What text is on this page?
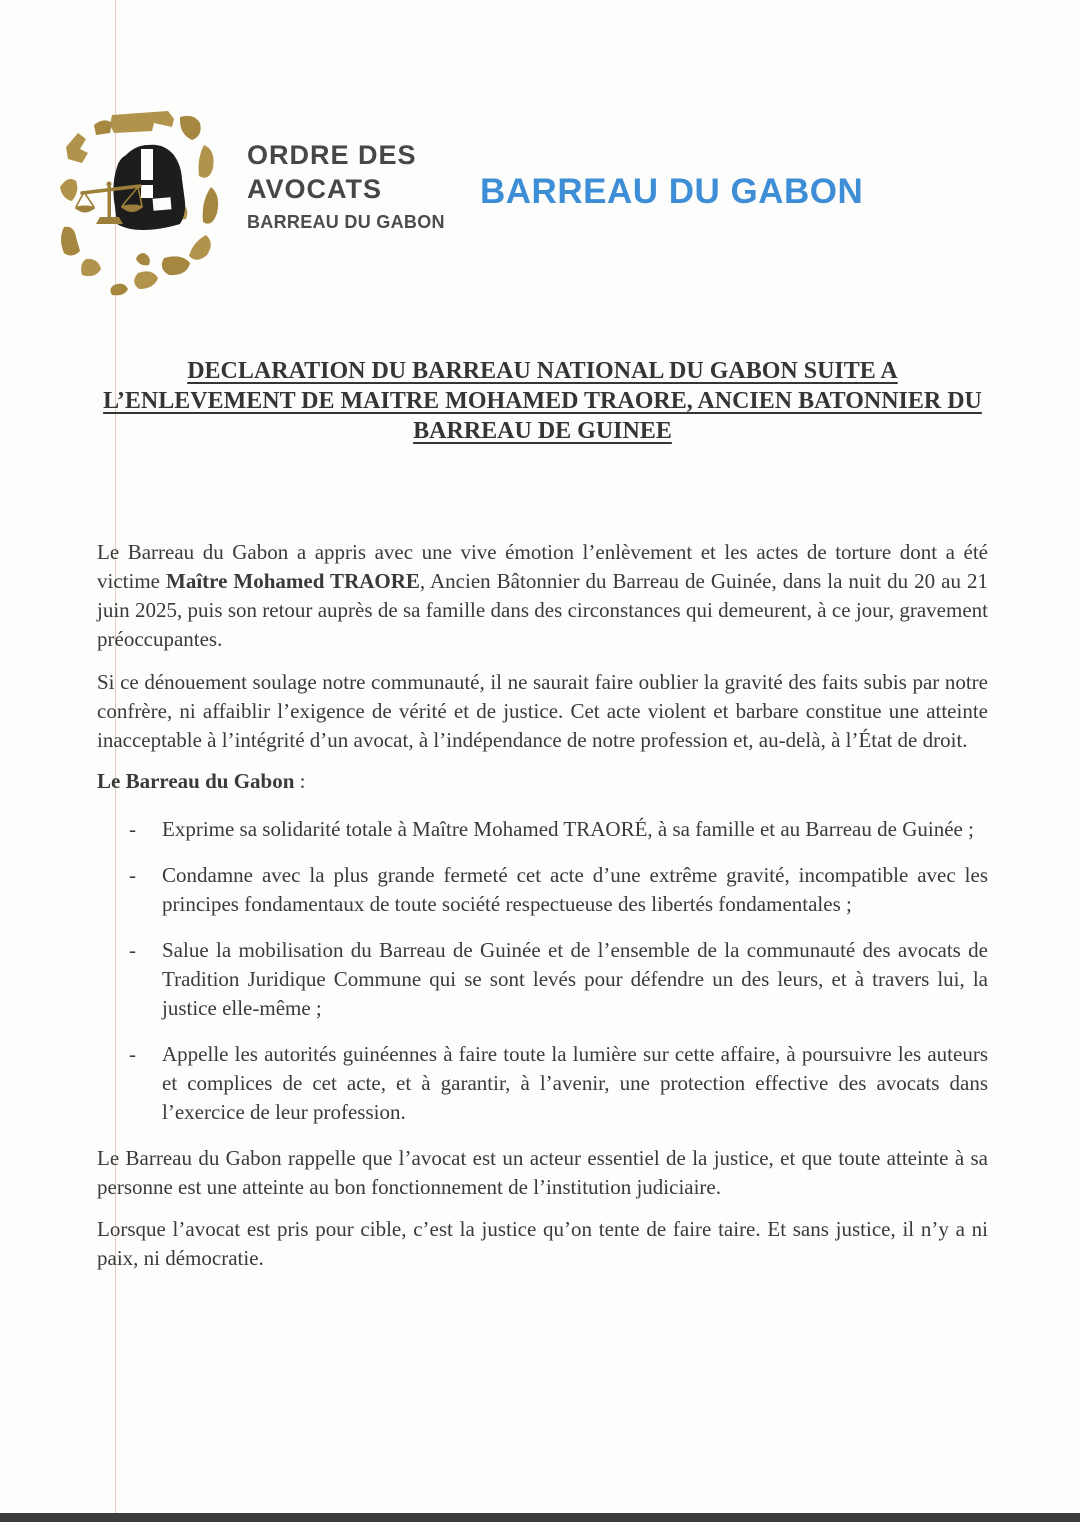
ORDRE DES
AVOCATS
BARREAU DU GABON
BARREAU DU GABON
DECLARATION DU BARREAU NATIONAL DU GABON SUITE A
L’ENLEVEMENT DE MAITRE MOHAMED TRAORE, ANCIEN BATONNIER DU
BARREAU DE GUINEE

Le Barreau du Gabon a appris avec une vive émotion l’enlèvement et les actes de torture dont a été victime Maître Mohamed TRAORE, Ancien Bâtonnier du Barreau de Guinée, dans la nuit du 20 au 21 juin 2025, puis son retour auprès de sa famille dans des circonstances qui demeurent, à ce jour, gravement préoccupantes.

Si ce dénouement soulage notre communauté, il ne saurait faire oublier la gravité des faits subis par notre confrère, ni affaiblir l’exigence de vérité et de justice. Cet acte violent et barbare constitue une atteinte inacceptable à l’intégrité d’un avocat, à l’indépendance de notre profession et, au-delà, à l’État de droit.

Le Barreau du Gabon :

- Exprime sa solidarité totale à Maître Mohamed TRAORÉ, à sa famille et au Barreau de Guinée ;
- Condamne avec la plus grande fermeté cet acte d’une extrême gravité, incompatible avec les principes fondamentaux de toute société respectueuse des libertés fondamentales ;
- Salue la mobilisation du Barreau de Guinée et de l’ensemble de la communauté des avocats de Tradition Juridique Commune qui se sont levés pour défendre un des leurs, et à travers lui, la justice elle-même ;
- Appelle les autorités guinéennes à faire toute la lumière sur cette affaire, à poursuivre les auteurs et complices de cet acte, et à garantir, à l’avenir, une protection effective des avocats dans l’exercice de leur profession.

Le Barreau du Gabon rappelle que l’avocat est un acteur essentiel de la justice, et que toute atteinte à sa personne est une atteinte au bon fonctionnement de l’institution judiciaire.

Lorsque l’avocat est pris pour cible, c’est la justice qu’on tente de faire taire. Et sans justice, il n’y a ni paix, ni démocratie.
